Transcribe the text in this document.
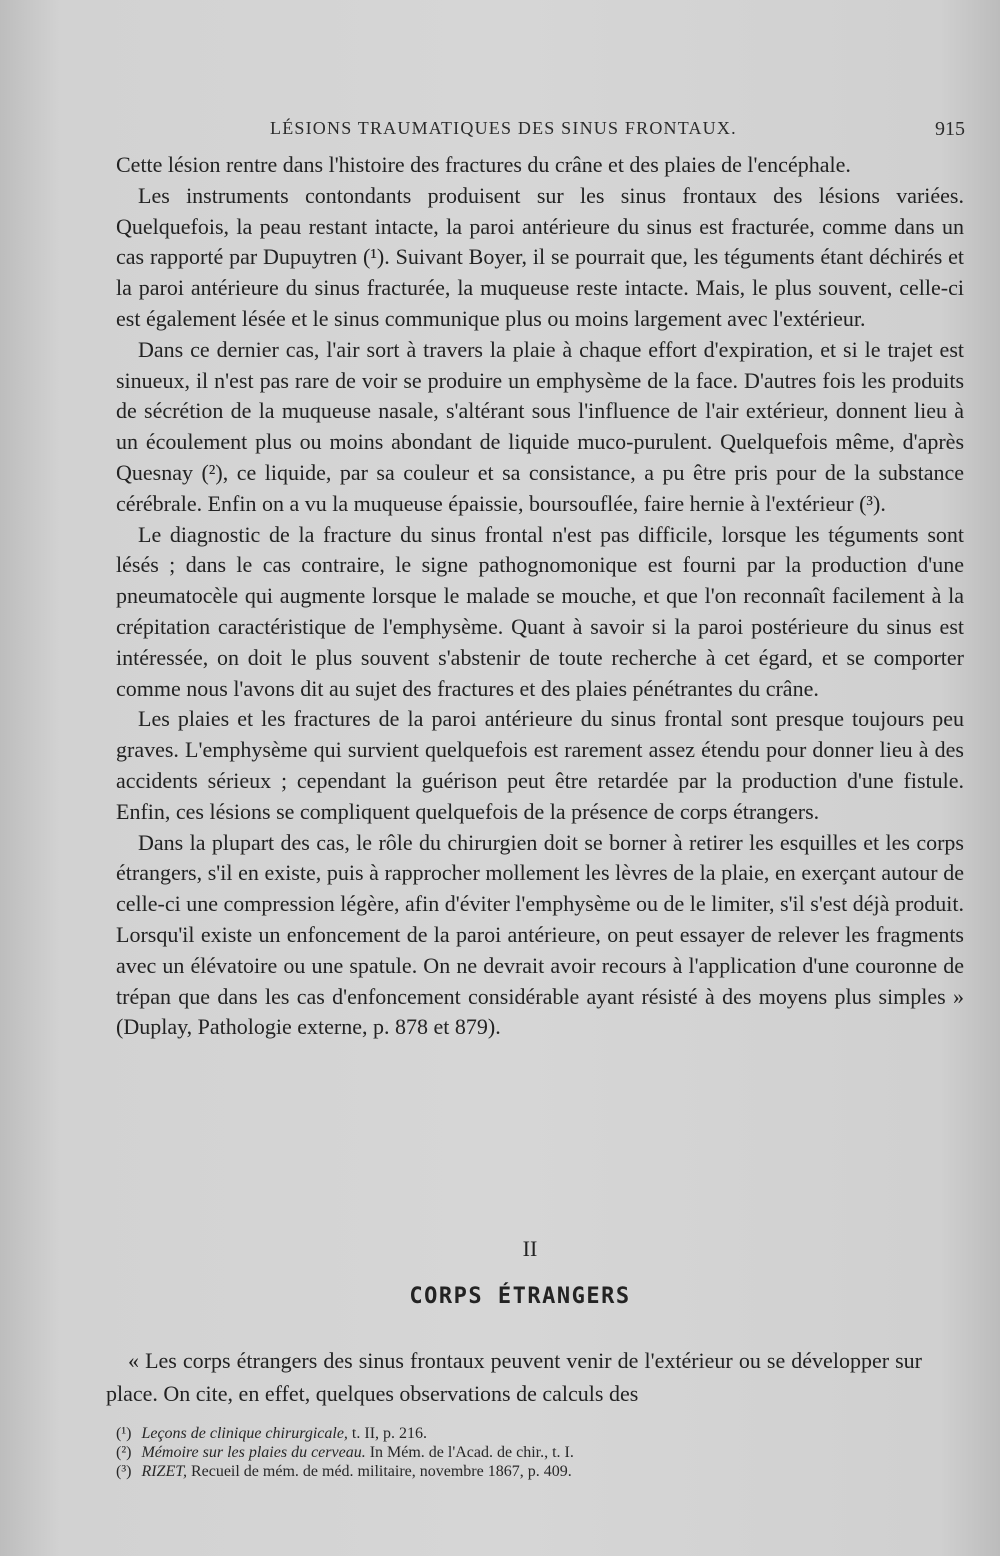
LÉSIONS TRAUMATIQUES DES SINUS FRONTAUX.	915

Cette lésion rentre dans l'histoire des fractures du crâne et des plaies de l'encéphale.

Les instruments contondants produisent sur les sinus frontaux des lésions variées. Quelquefois, la peau restant intacte, la paroi antérieure du sinus est fracturée, comme dans un cas rapporté par Dupuytren (¹). Suivant Boyer, il se pourrait que, les téguments étant déchirés et la paroi antérieure du sinus fracturée, la muqueuse reste intacte. Mais, le plus souvent, celle-ci est également lésée et le sinus communique plus ou moins largement avec l'extérieur.

Dans ce dernier cas, l'air sort à travers la plaie à chaque effort d'expiration, et si le trajet est sinueux, il n'est pas rare de voir se produire un emphysème de la face. D'autres fois les produits de sécrétion de la muqueuse nasale, s'altérant sous l'influence de l'air extérieur, donnent lieu à un écoulement plus ou moins abondant de liquide muco-purulent. Quelquefois même, d'après Quesnay (²), ce liquide, par sa couleur et sa consistance, a pu être pris pour de la substance cérébrale. Enfin on a vu la muqueuse épaissie, boursouflée, faire hernie à l'extérieur (³).

Le diagnostic de la fracture du sinus frontal n'est pas difficile, lorsque les téguments sont lésés ; dans le cas contraire, le signe pathognomonique est fourni par la production d'une pneumatocèle qui augmente lorsque le malade se mouche, et que l'on reconnaît facilement à la crépitation caractéristique de l'emphysème. Quant à savoir si la paroi postérieure du sinus est intéressée, on doit le plus souvent s'abstenir de toute recherche à cet égard, et se comporter comme nous l'avons dit au sujet des fractures et des plaies pénétrantes du crâne.

Les plaies et les fractures de la paroi antérieure du sinus frontal sont presque toujours peu graves. L'emphysème qui survient quelquefois est rarement assez étendu pour donner lieu à des accidents sérieux ; cependant la guérison peut être retardée par la production d'une fistule. Enfin, ces lésions se compliquent quelquefois de la présence de corps étrangers.

Dans la plupart des cas, le rôle du chirurgien doit se borner à retirer les esquilles et les corps étrangers, s'il en existe, puis à rapprocher mollement les lèvres de la plaie, en exerçant autour de celle-ci une compression légère, afin d'éviter l'emphysème ou de le limiter, s'il s'est déjà produit. Lorsqu'il existe un enfoncement de la paroi antérieure, on peut essayer de relever les fragments avec un élévatoire ou une spatule. On ne devrait avoir recours à l'application d'une couronne de trépan que dans les cas d'enfoncement considérable ayant résisté à des moyens plus simples » (Duplay, Pathologie externe, p. 878 et 879).

II
CORPS ÉTRANGERS

« Les corps étrangers des sinus frontaux peuvent venir de l'extérieur ou se développer sur place. On cite, en effet, quelques observations de calculs des

(¹) Leçons de clinique chirurgicale, t. II, p. 216.

(²) Mémoire sur les plaies du cerveau. In Mém. de l'Acad. de chir., t. I.

(³) RIZET, Recueil de mém. de méd. militaire, novembre 1867, p. 409.
